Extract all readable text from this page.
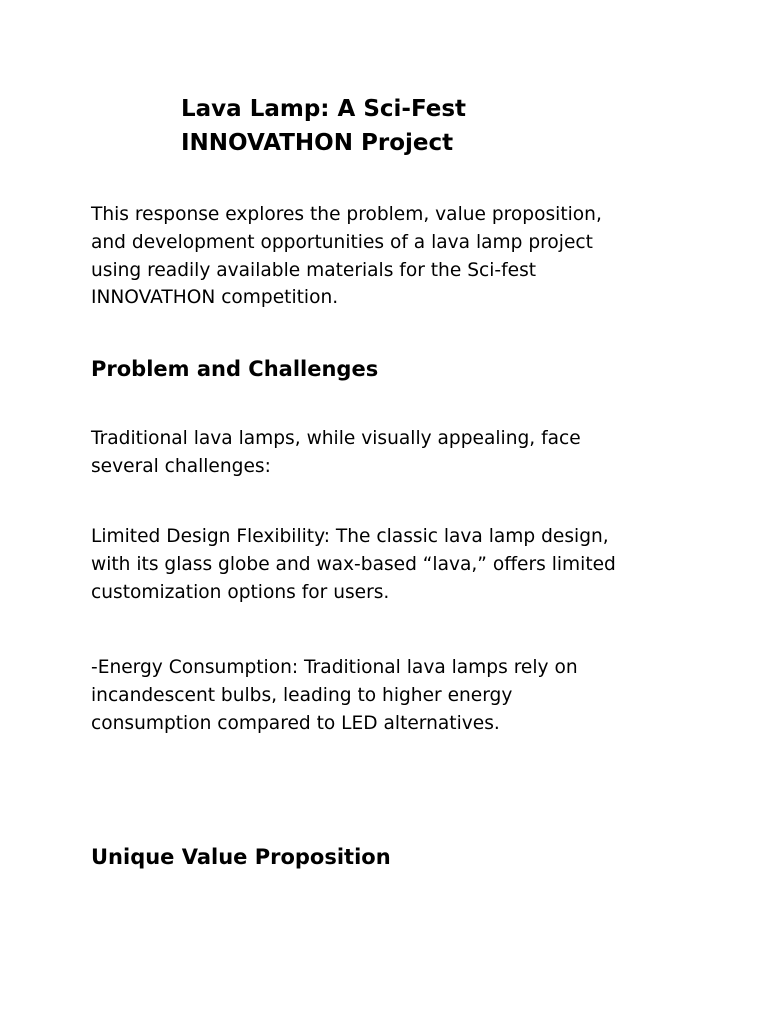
Lava Lamp: A Sci-Fest
INNOVATHON Project

This response explores the problem, value proposition,
and development opportunities of a lava lamp project
using readily available materials for the Sci-fest
INNOVATHON competition.

Problem and Challenges

Traditional lava lamps, while visually appealing, face
several challenges:

Limited Design Flexibility: The classic lava lamp design,
with its glass globe and wax-based “lava,” offers limited
customization options for users.

-Energy Consumption: Traditional lava lamps rely on
incandescent bulbs, leading to higher energy
consumption compared to LED alternatives.

Unique Value Proposition
